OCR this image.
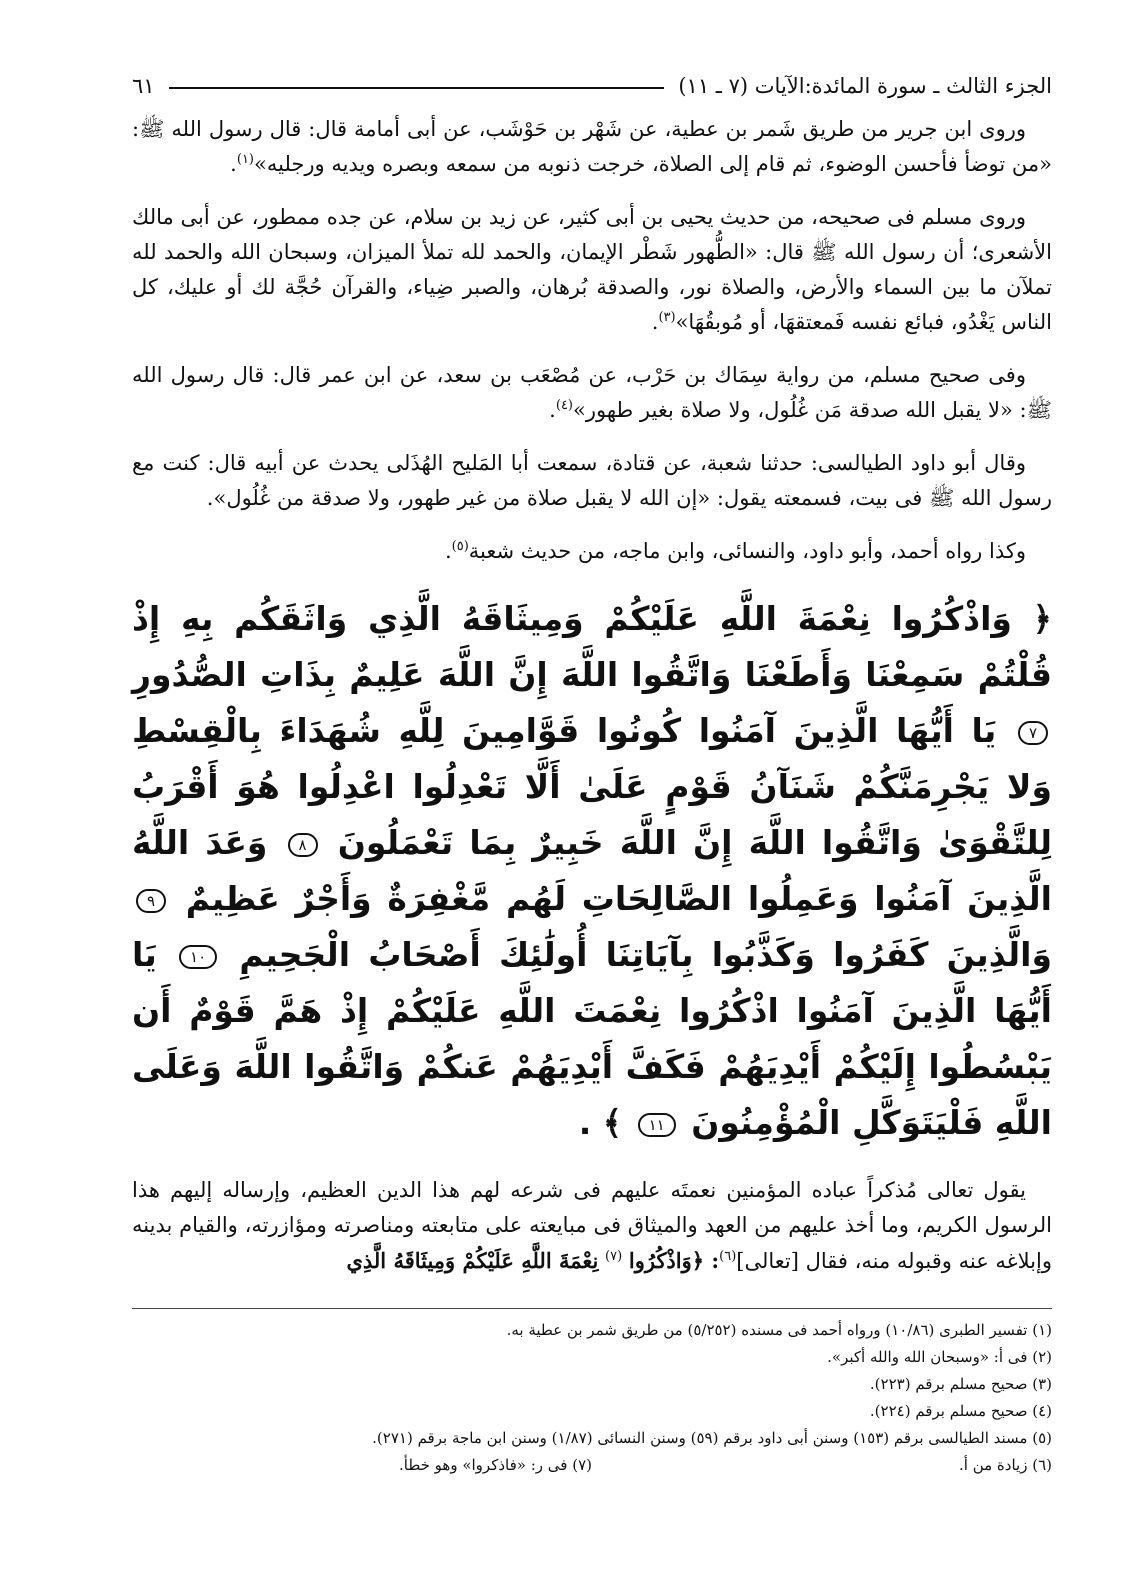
الجزء الثالث ـ سورة المائدة:الآيات (٧ ـ ١١)
٦١

وروى ابن جرير من طريق شَمر بن عطية، عن شَهْر بن حَوْشَب، عن أبى أمامة قال: قال رسول الله ﷺ: «من توضأ فأحسن الوضوء، ثم قام إلى الصلاة، خرجت ذنوبه من سمعه وبصره ويديه ورجليه»$^{(١)}$.

وروى مسلم فى صحيحه، من حديث يحيى بن أبى كثير، عن زيد بن سلام، عن جده ممطور، عن أبى مالك الأشعرى؛ أن رسول الله ﷺ قال: «الطُّهور شَطْر الإيمان، والحمد لله تملأ الميزان، وسبحان الله والحمد لله تملآن ما بين السماء والأرض، والصلاة نور، والصدقة بُرهان، والصبر ضِياء، والقرآن حُجَّة لك أو عليك، كل الناس يَغْدُو، فبائع نفسه فَمعتقهَا، أو مُوبقُهَا»$^{(٣)}$.

وفى صحيح مسلم، من رواية سِمَاك بن حَرْب، عن مُصْعَب بن سعد، عن ابن عمر قال: قال رسول الله ﷺ: «لا يقبل الله صدقة مَن غُلُول، ولا صلاة بغير طهور»$^{(٤)}$.

وقال أبو داود الطيالسى: حدثنا شعبة، عن قتادة، سمعت أبا المَليح الهُذَلى يحدث عن أبيه قال: كنت مع رسول الله ﷺ فى بيت، فسمعته يقول: «إن الله لا يقبل صلاة من غير طهور، ولا صدقة من غُلُول».

وكذا رواه أحمد، وأبو داود، والنسائى، وابن ماجه، من حديث شعبة$^{(٥)}$.

﴿ وَاذْكُرُوا نِعْمَةَ اللَّهِ عَلَيْكُمْ وَمِيثَاقَهُ الَّذِي وَاثَقَكُم بِهِ إِذْ قُلْتُمْ سَمِعْنَا وَأَطَعْنَا وَاتَّقُوا اللَّهَ إِنَّ اللَّهَ عَلِيمٌ بِذَاتِ الصُّدُورِ ٧ يَا أَيُّهَا الَّذِينَ آمَنُوا كُونُوا قَوَّامِينَ لِلَّهِ شُهَدَاءَ بِالْقِسْطِ وَلا يَجْرِمَنَّكُمْ شَنَآنُ قَوْمٍ عَلَىٰ أَلَّا تَعْدِلُوا اعْدِلُوا هُوَ أَقْرَبُ لِلتَّقْوَىٰ وَاتَّقُوا اللَّهَ إِنَّ اللَّهَ خَبِيرٌ بِمَا تَعْمَلُونَ ٨ وَعَدَ اللَّهُ الَّذِينَ آمَنُوا وَعَمِلُوا الصَّالِحَاتِ لَهُم مَّغْفِرَةٌ وَأَجْرٌ عَظِيمٌ ٩ وَالَّذِينَ كَفَرُوا وَكَذَّبُوا بِآيَاتِنَا أُولَٰئِكَ أَصْحَابُ الْجَحِيمِ ١٠ يَا أَيُّهَا الَّذِينَ آمَنُوا اذْكُرُوا نِعْمَتَ اللَّهِ عَلَيْكُمْ إِذْ هَمَّ قَوْمٌ أَن يَبْسُطُوا إِلَيْكُمْ أَيْدِيَهُمْ فَكَفَّ أَيْدِيَهُمْ عَنكُمْ وَاتَّقُوا اللَّهَ وَعَلَى اللَّهِ فَلْيَتَوَكَّلِ الْمُؤْمِنُونَ ١١ ﴾ .

يقول تعالى مُذكراً عباده المؤمنين نعمتَه عليهم فى شرعه لهم هذا الدين العظيم، وإرساله إليهم هذا الرسول الكريم، وما أخذ عليهم من العهد والميثاق فى مبايعته على متابعته ومناصرته ومؤازرته، والقيام بدينه وإبلاغه عنه وقبوله منه، فقال [تعالى]$^{(٦)}$: ﴿وَاذْكُرُوا $^{(٧)}$ نِعْمَةَ اللَّهِ عَلَيْكُمْ وَمِيثَاقَهُ الَّذِي

(١) تفسير الطبرى (١٠/٨٦) ورواه أحمد فى مسنده (٥/٢٥٢) من طريق شمر بن عطية به.
(٢) فى أ: «وسبحان الله والله أكبر».
(٣) صحيح مسلم برقم (٢٢٣).
(٤) صحيح مسلم برقم (٢٢٤).
(٥) مسند الطيالسى برقم (١٥٣) وسنن أبى داود برقم (٥٩) وسنن النسائى (١/٨٧) وسنن ابن ماجة برقم (٢٧١).
(٦) زيادة من أ.
(٧) فى ر: «فاذكروا» وهو خطأ.
